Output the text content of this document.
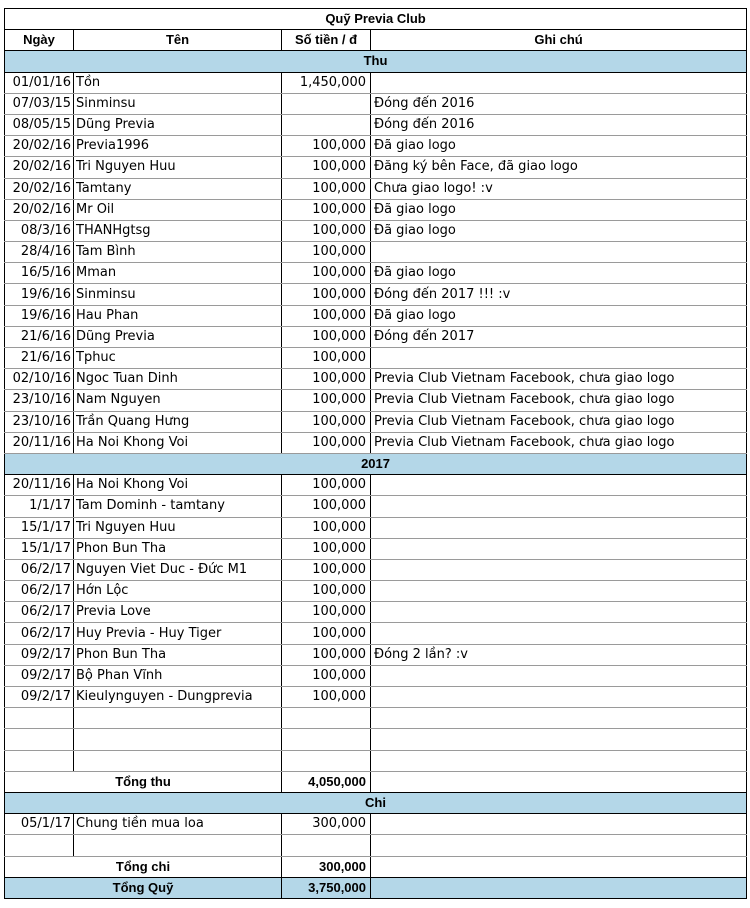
Quỹ Previa Club			
Ngày	Tên	Số tiền / đ	Ghi chú
Thu			
01/01/16	Tồn	1,450,000	
07/03/15	Sinminsu		Đóng đến 2016
08/05/15	Dũng Previa		Đóng đến 2016
20/02/16	Previa1996	100,000	Đã giao logo
20/02/16	Tri Nguyen Huu	100,000	Đăng ký bên Face, đã giao logo
20/02/16	Tamtany	100,000	Chưa giao logo! :v
20/02/16	Mr Oil	100,000	Đã giao logo
08/3/16	THANHgtsg	100,000	Đã giao logo
28/4/16	Tam Bình	100,000	
16/5/16	Mman	100,000	Đã giao logo
19/6/16	Sinminsu	100,000	Đóng đến 2017 !!! :v
19/6/16	Hau Phan	100,000	Đã giao logo
21/6/16	Dũng Previa	100,000	Đóng đến 2017
21/6/16	Tphuc	100,000	
02/10/16	Ngoc Tuan Dinh	100,000	Previa Club Vietnam Facebook, chưa giao logo
23/10/16	Nam Nguyen	100,000	Previa Club Vietnam Facebook, chưa giao logo
23/10/16	Trần Quang Hưng	100,000	Previa Club Vietnam Facebook, chưa giao logo
20/11/16	Ha Noi Khong Voi	100,000	Previa Club Vietnam Facebook, chưa giao logo
2017			
20/11/16	Ha Noi Khong Voi	100,000	
1/1/17	Tam Dominh - tamtany	100,000	
15/1/17	Tri Nguyen Huu	100,000	
15/1/17	Phon Bun Tha	100,000	
06/2/17	Nguyen Viet Duc - Đức M1	100,000	
06/2/17	Hớn Lộc	100,000	
06/2/17	Previa Love	100,000	
06/2/17	Huy Previa - Huy Tiger	100,000	
09/2/17	Phon Bun Tha	100,000	Đóng 2 lần? :v
09/2/17	Bộ Phan Vĩnh	100,000	
09/2/17	Kieulynguyen - Dungprevia	100,000	

Tổng thu		4,050,000	
Chi			
05/1/17	Chung tiền mua loa	300,000	

Tổng chi		300,000	
Tổng Quỹ		3,750,000	
